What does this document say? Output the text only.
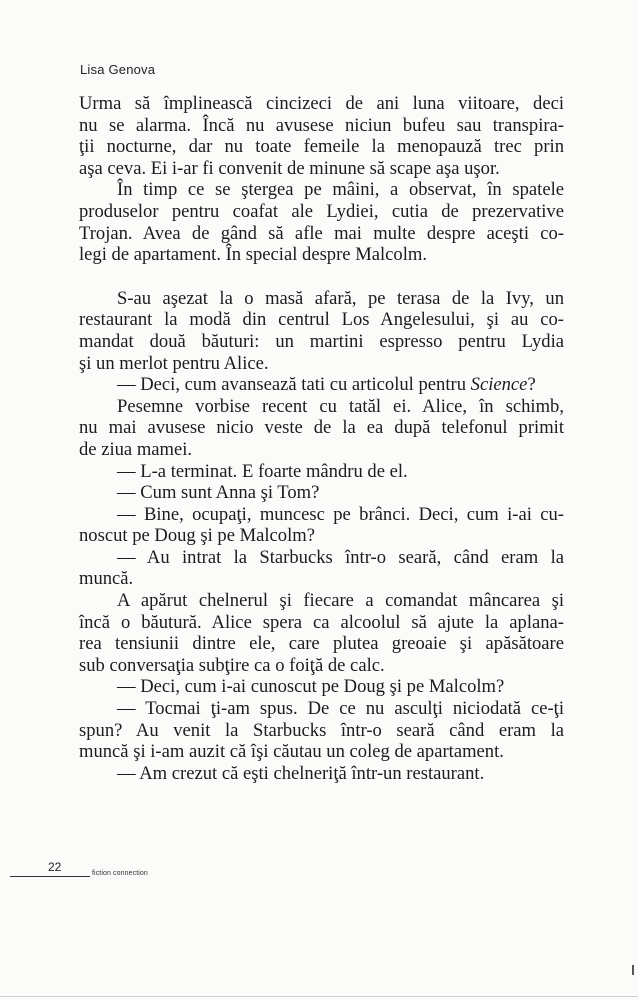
Lisa Genova
Urma să împlinească cincizeci de ani luna viitoare, deci
nu se alarma. Încă nu avusese niciun bufeu sau transpira-
ţii nocturne, dar nu toate femeile la menopauză trec prin
aşa ceva. Ei i-ar fi convenit de minune să scape aşa uşor.
În timp ce se ştergea pe mâini, a observat, în spatele
produselor pentru coafat ale Lydiei, cutia de prezervative
Trojan. Avea de gând să afle mai multe despre aceşti co-
legi de apartament. În special despre Malcolm.
S-au aşezat la o masă afară, pe terasa de la Ivy, un
restaurant la modă din centrul Los Angelesului, şi au co-
mandat două băuturi: un martini espresso pentru Lydia
şi un merlot pentru Alice.
— Deci, cum avansează tati cu articolul pentru Science?
Pesemne vorbise recent cu tatăl ei. Alice, în schimb,
nu mai avusese nicio veste de la ea după telefonul primit
de ziua mamei.
— L-a terminat. E foarte mândru de el.
— Cum sunt Anna şi Tom?
— Bine, ocupaţi, muncesc pe brânci. Deci, cum i-ai cu-
noscut pe Doug şi pe Malcolm?
— Au intrat la Starbucks într-o seară, când eram la
muncă.
A apărut chelnerul şi fiecare a comandat mâncarea şi
încă o băutură. Alice spera ca alcoolul să ajute la aplana-
rea tensiunii dintre ele, care plutea greoaie şi apăsătoare
sub conversaţia subţire ca o foiţă de calc.
— Deci, cum i-ai cunoscut pe Doug şi pe Malcolm?
— Tocmai ţi-am spus. De ce nu asculţi niciodată ce-ţi
spun? Au venit la Starbucks într-o seară când eram la
muncă şi i-am auzit că îşi căutau un coleg de apartament.
— Am crezut că eşti chelneriţă într-un restaurant.
22	fiction connection
